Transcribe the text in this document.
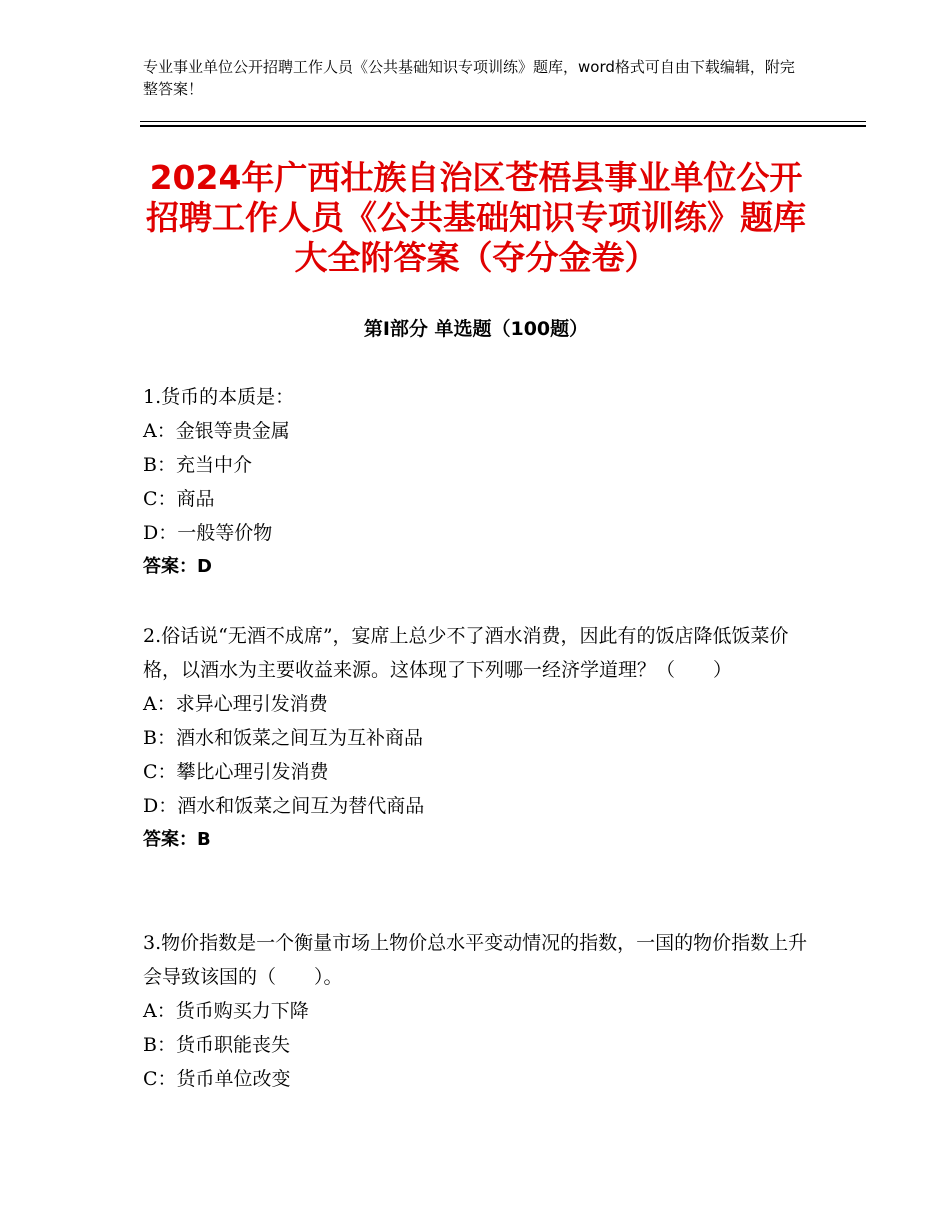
专业事业单位公开招聘工作人员《公共基础知识专项训练》题库，word格式可自由下载编辑，附完整答案！
2024年广西壮族自治区苍梧县事业单位公开招聘工作人员《公共基础知识专项训练》题库大全附答案（夺分金卷）
第Ⅰ部分 单选题（100题）
1.货币的本质是：
A：金银等贵金属
B：充当中介
C：商品
D：一般等价物
答案：D
2.俗话说“无酒不成席”，宴席上总少不了酒水消费，因此有的饭店降低饭菜价格，以酒水为主要收益来源。这体现了下列哪一经济学道理？（　　）
A：求异心理引发消费
B：酒水和饭菜之间互为互补商品
C：攀比心理引发消费
D：酒水和饭菜之间互为替代商品
答案：B
3.物价指数是一个衡量市场上物价总水平变动情况的指数，一国的物价指数上升会导致该国的（　　）。
A：货币购买力下降
B：货币职能丧失
C：货币单位改变
